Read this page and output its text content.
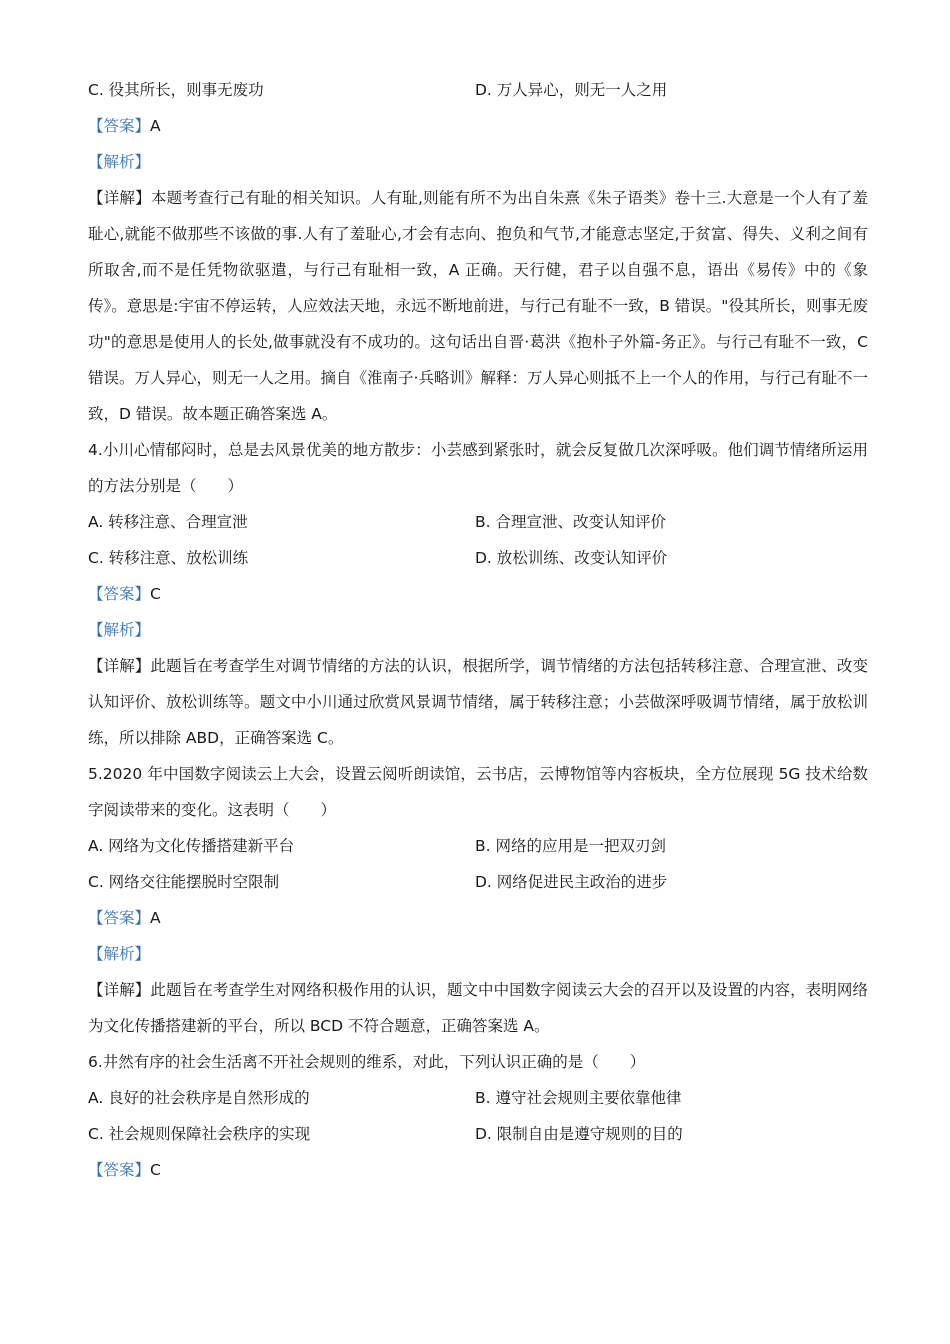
C. 役其所长，则事无废功	D. 万人异心，则无一人之用
【答案】A
【解析】
【详解】本题考查行己有耻的相关知识。人有耻,则能有所不为出自朱熹《朱子语类》卷十三.大意是一个人有了羞耻心,就能不做那些不该做的事.人有了羞耻心,才会有志向、抱负和气节,才能意志坚定,于贫富、得失、义利之间有所取舍,而不是任凭物欲驱遣，与行己有耻相一致，A 正确。天行健，君子以自强不息，语出《易传》中的《象传》。意思是:宇宙不停运转，人应效法天地，永远不断地前进，与行己有耻不一致，B 错误。"役其所长，则事无废功"的意思是使用人的长处,做事就没有不成功的。这句话出自晋·葛洪《抱朴子外篇-务正》。与行己有耻不一致，C 错误。万人异心，则无一人之用。摘自《淮南子·兵略训》解释：万人异心则抵不上一个人的作用，与行己有耻不一致，D 错误。故本题正确答案选 A。
4.小川心情郁闷时，总是去风景优美的地方散步：小芸感到紧张时，就会反复做几次深呼吸。他们调节情绪所运用的方法分别是（　　）
A. 转移注意、合理宣泄	B. 合理宣泄、改变认知评价
C. 转移注意、放松训练	D. 放松训练、改变认知评价
【答案】C
【解析】
【详解】此题旨在考查学生对调节情绪的方法的认识，根据所学，调节情绪的方法包括转移注意、合理宣泄、改变认知评价、放松训练等。题文中小川通过欣赏风景调节情绪，属于转移注意；小芸做深呼吸调节情绪，属于放松训练，所以排除 ABD，正确答案选 C。
5.2020 年中国数字阅读云上大会，设置云阅听朗读馆，云书店，云博物馆等内容板块，全方位展现 5G 技术给数字阅读带来的变化。这表明（　　）
A. 网络为文化传播搭建新平台	B. 网络的应用是一把双刃剑
C. 网络交往能摆脱时空限制	D. 网络促进民主政治的进步
【答案】A
【解析】
【详解】此题旨在考查学生对网络积极作用的认识，题文中中国数字阅读云大会的召开以及设置的内容，表明网络为文化传播搭建新的平台，所以 BCD 不符合题意，正确答案选 A。
6.井然有序的社会生活离不开社会规则的维系，对此，下列认识正确的是（　　）
A. 良好的社会秩序是自然形成的	B. 遵守社会规则主要依靠他律
C. 社会规则保障社会秩序的实现	D. 限制自由是遵守规则的目的
【答案】C
